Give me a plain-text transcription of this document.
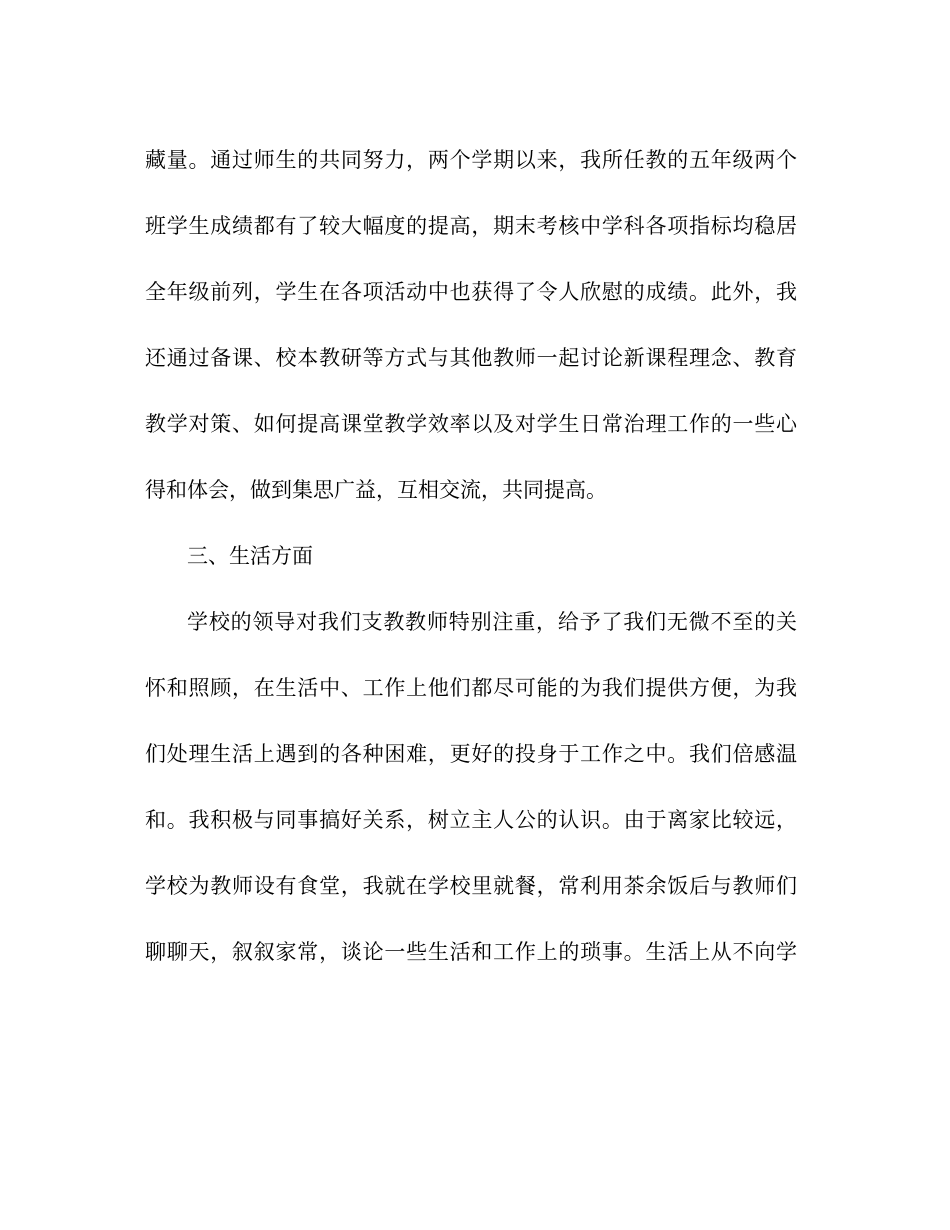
藏量。通过师生的共同努力，两个学期以来，我所任教的五年级两个
班学生成绩都有了较大幅度的提高，期末考核中学科各项指标均稳居
全年级前列，学生在各项活动中也获得了令人欣慰的成绩。此外，我
还通过备课、校本教研等方式与其他教师一起讨论新课程理念、教育
教学对策、如何提高课堂教学效率以及对学生日常治理工作的一些心
得和体会，做到集思广益，互相交流，共同提高。
三、生活方面
学校的领导对我们支教教师特别注重，给予了我们无微不至的关
怀和照顾，在生活中、工作上他们都尽可能的为我们提供方便，为我
们处理生活上遇到的各种困难，更好的投身于工作之中。我们倍感温
和。我积极与同事搞好关系，树立主人公的认识。由于离家比较远，
学校为教师设有食堂，我就在学校里就餐，常利用茶余饭后与教师们
聊聊天，叙叙家常，谈论一些生活和工作上的琐事。生活上从不向学
